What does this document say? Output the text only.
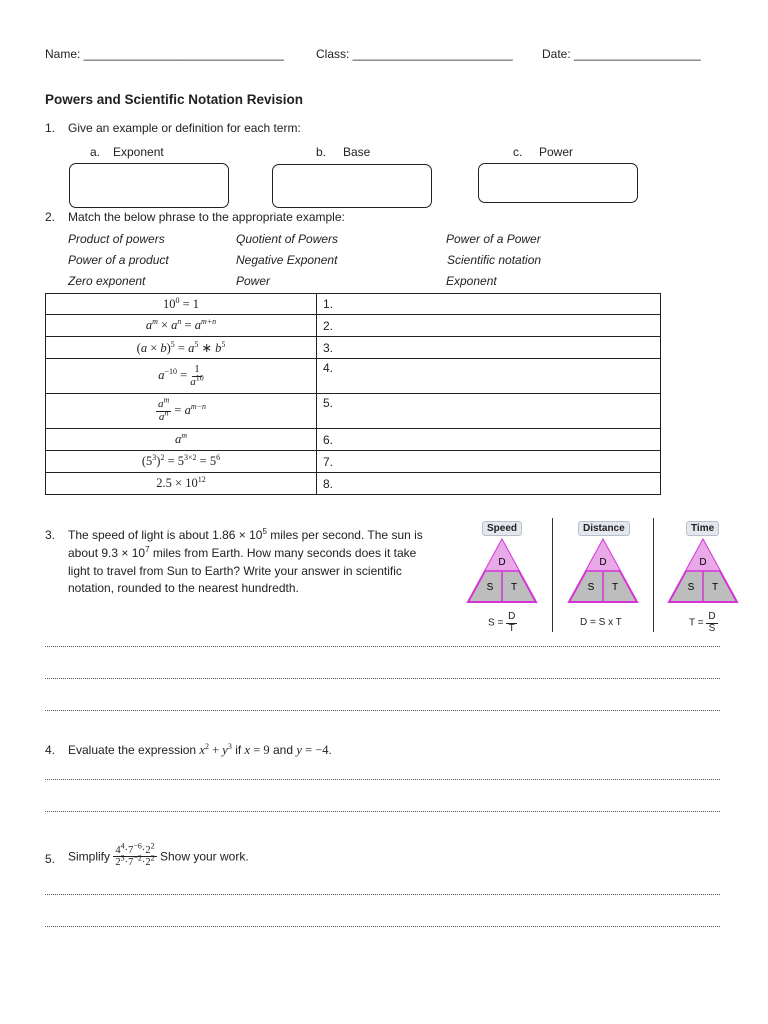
Name: ______________________________	Class: ________________________ Date: ___________________
Powers and Scientific Notation Revision
1. Give an example or definition for each term:
a. Exponent	b. Base	c. Power
2. Match the below phrase to the appropriate example:
Product of powers	Quotient of Powers	Power of a Power
Power of a product	Negative Exponent	Scientific notation
Zero exponent	Power	Exponent
$10^0 = 1$	1.
$a^m \times a^n = a^{m+n}$	2.
$(a \times b)^5 = a^5$ ∗ $b^5$	3.
$a^{-10} = \frac{1}{a^{10}}$	4.

$\frac{a^m}{a^n} = a^{m-n}$	5.
$a^m$	6.
$(5^3)^2 = 5^{3\times 2} = 5^6$	7.
$2.5 \times 10^{12}$	8.
3. The speed of light is about $1.86 \times 10^5$ miles per second. The sun is
about $9.3 \times 10^7$ miles from Earth. How many seconds does it take
light to travel from Sun to Earth? Write your answer in scientific
notation, rounded to the nearest hundredth.
Speed
D
S T
$S = \frac{D}{T}$
Distance
D
S T
D = S x T
Time
D
S T
$T = \frac{D}{S}$
4. Evaluate the expression $x^2 + y^3$ if x = 9 and y = −4.
5. Simplify $\frac{4^4\cdot 7^{-6}\cdot 2^2}{2^3\cdot 7^{-2}\cdot 2^2}$ Show your work.
